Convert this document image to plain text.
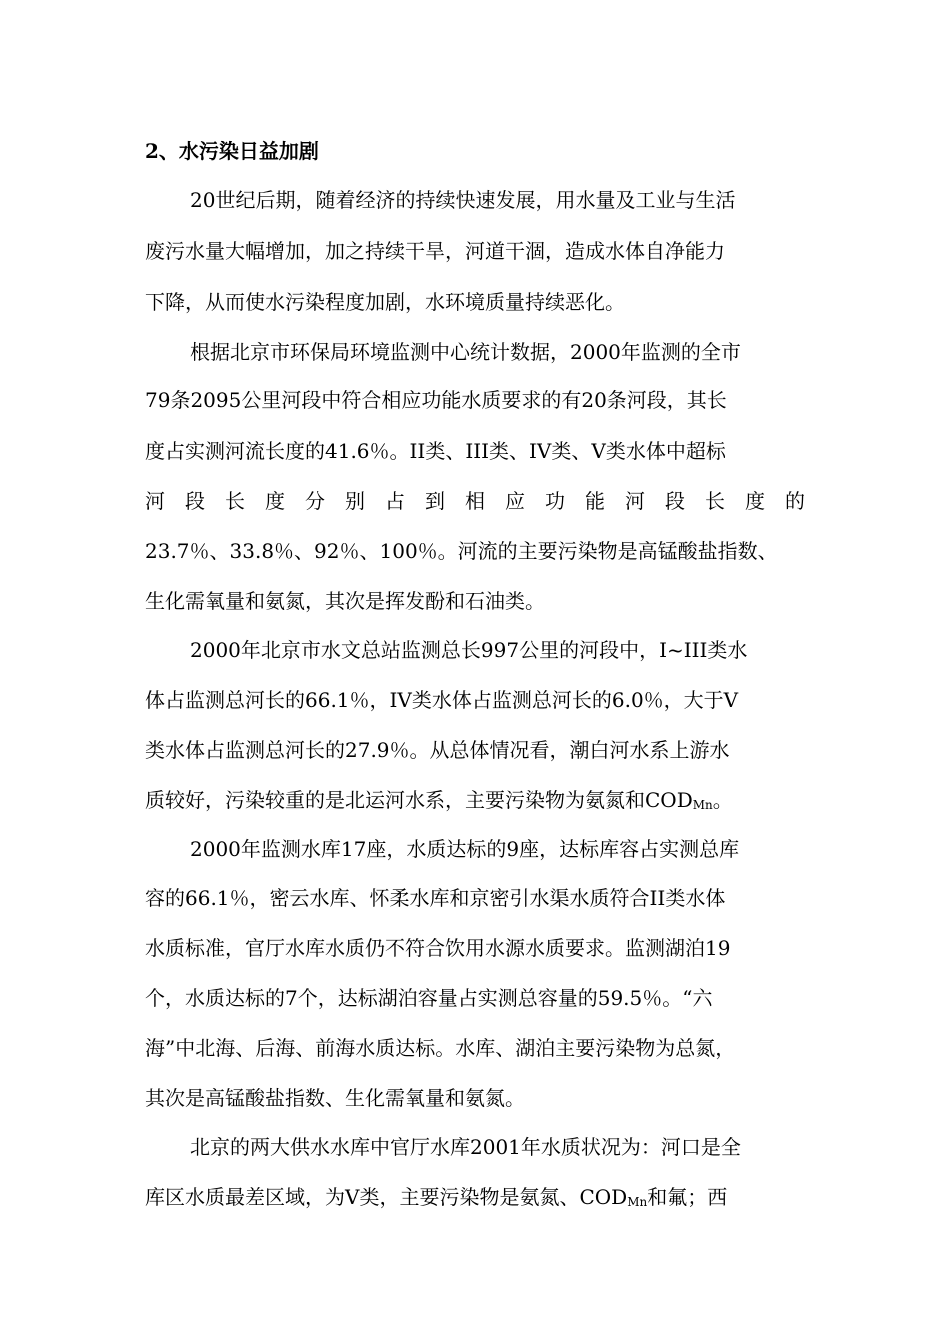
2、水污染日益加剧
20世纪后期，随着经济的持续快速发展，用水量及工业与生活
废污水量大幅增加，加之持续干旱，河道干涸，造成水体自净能力
下降，从而使水污染程度加剧，水环境质量持续恶化。
根据北京市环保局环境监测中心统计数据，2000年监测的全市
79条2095公里河段中符合相应功能水质要求的有20条河段，其长
度占实测河流长度的41.6％。II类、III类、IV类、V类水体中超标
河 段 长 度 分 别 占 到 相 应 功 能 河 段 长 度 的
23.7％、33.8％、92％、100％。河流的主要污染物是高锰酸盐指数、
生化需氧量和氨氮，其次是挥发酚和石油类。
2000年北京市水文总站监测总长997公里的河段中，I~III类水
体占监测总河长的66.1％，IV类水体占监测总河长的6.0％，大于V
类水体占监测总河长的27.9％。从总体情况看，潮白河水系上游水
质较好，污染较重的是北运河水系，主要污染物为氨氮和CODMn。
2000年监测水库17座，水质达标的9座，达标库容占实测总库
容的66.1％，密云水库、怀柔水库和京密引水渠水质符合II类水体
水质标准，官厅水库水质仍不符合饮用水源水质要求。监测湖泊19
个，水质达标的7个，达标湖泊容量占实测总容量的59.5％。“六
海”中北海、后海、前海水质达标。水库、湖泊主要污染物为总氮，
其次是高锰酸盐指数、生化需氧量和氨氮。
北京的两大供水水库中官厅水库2001年水质状况为：河口是全
库区水质最差区域，为V类，主要污染物是氨氮、CODMn和氟；西
